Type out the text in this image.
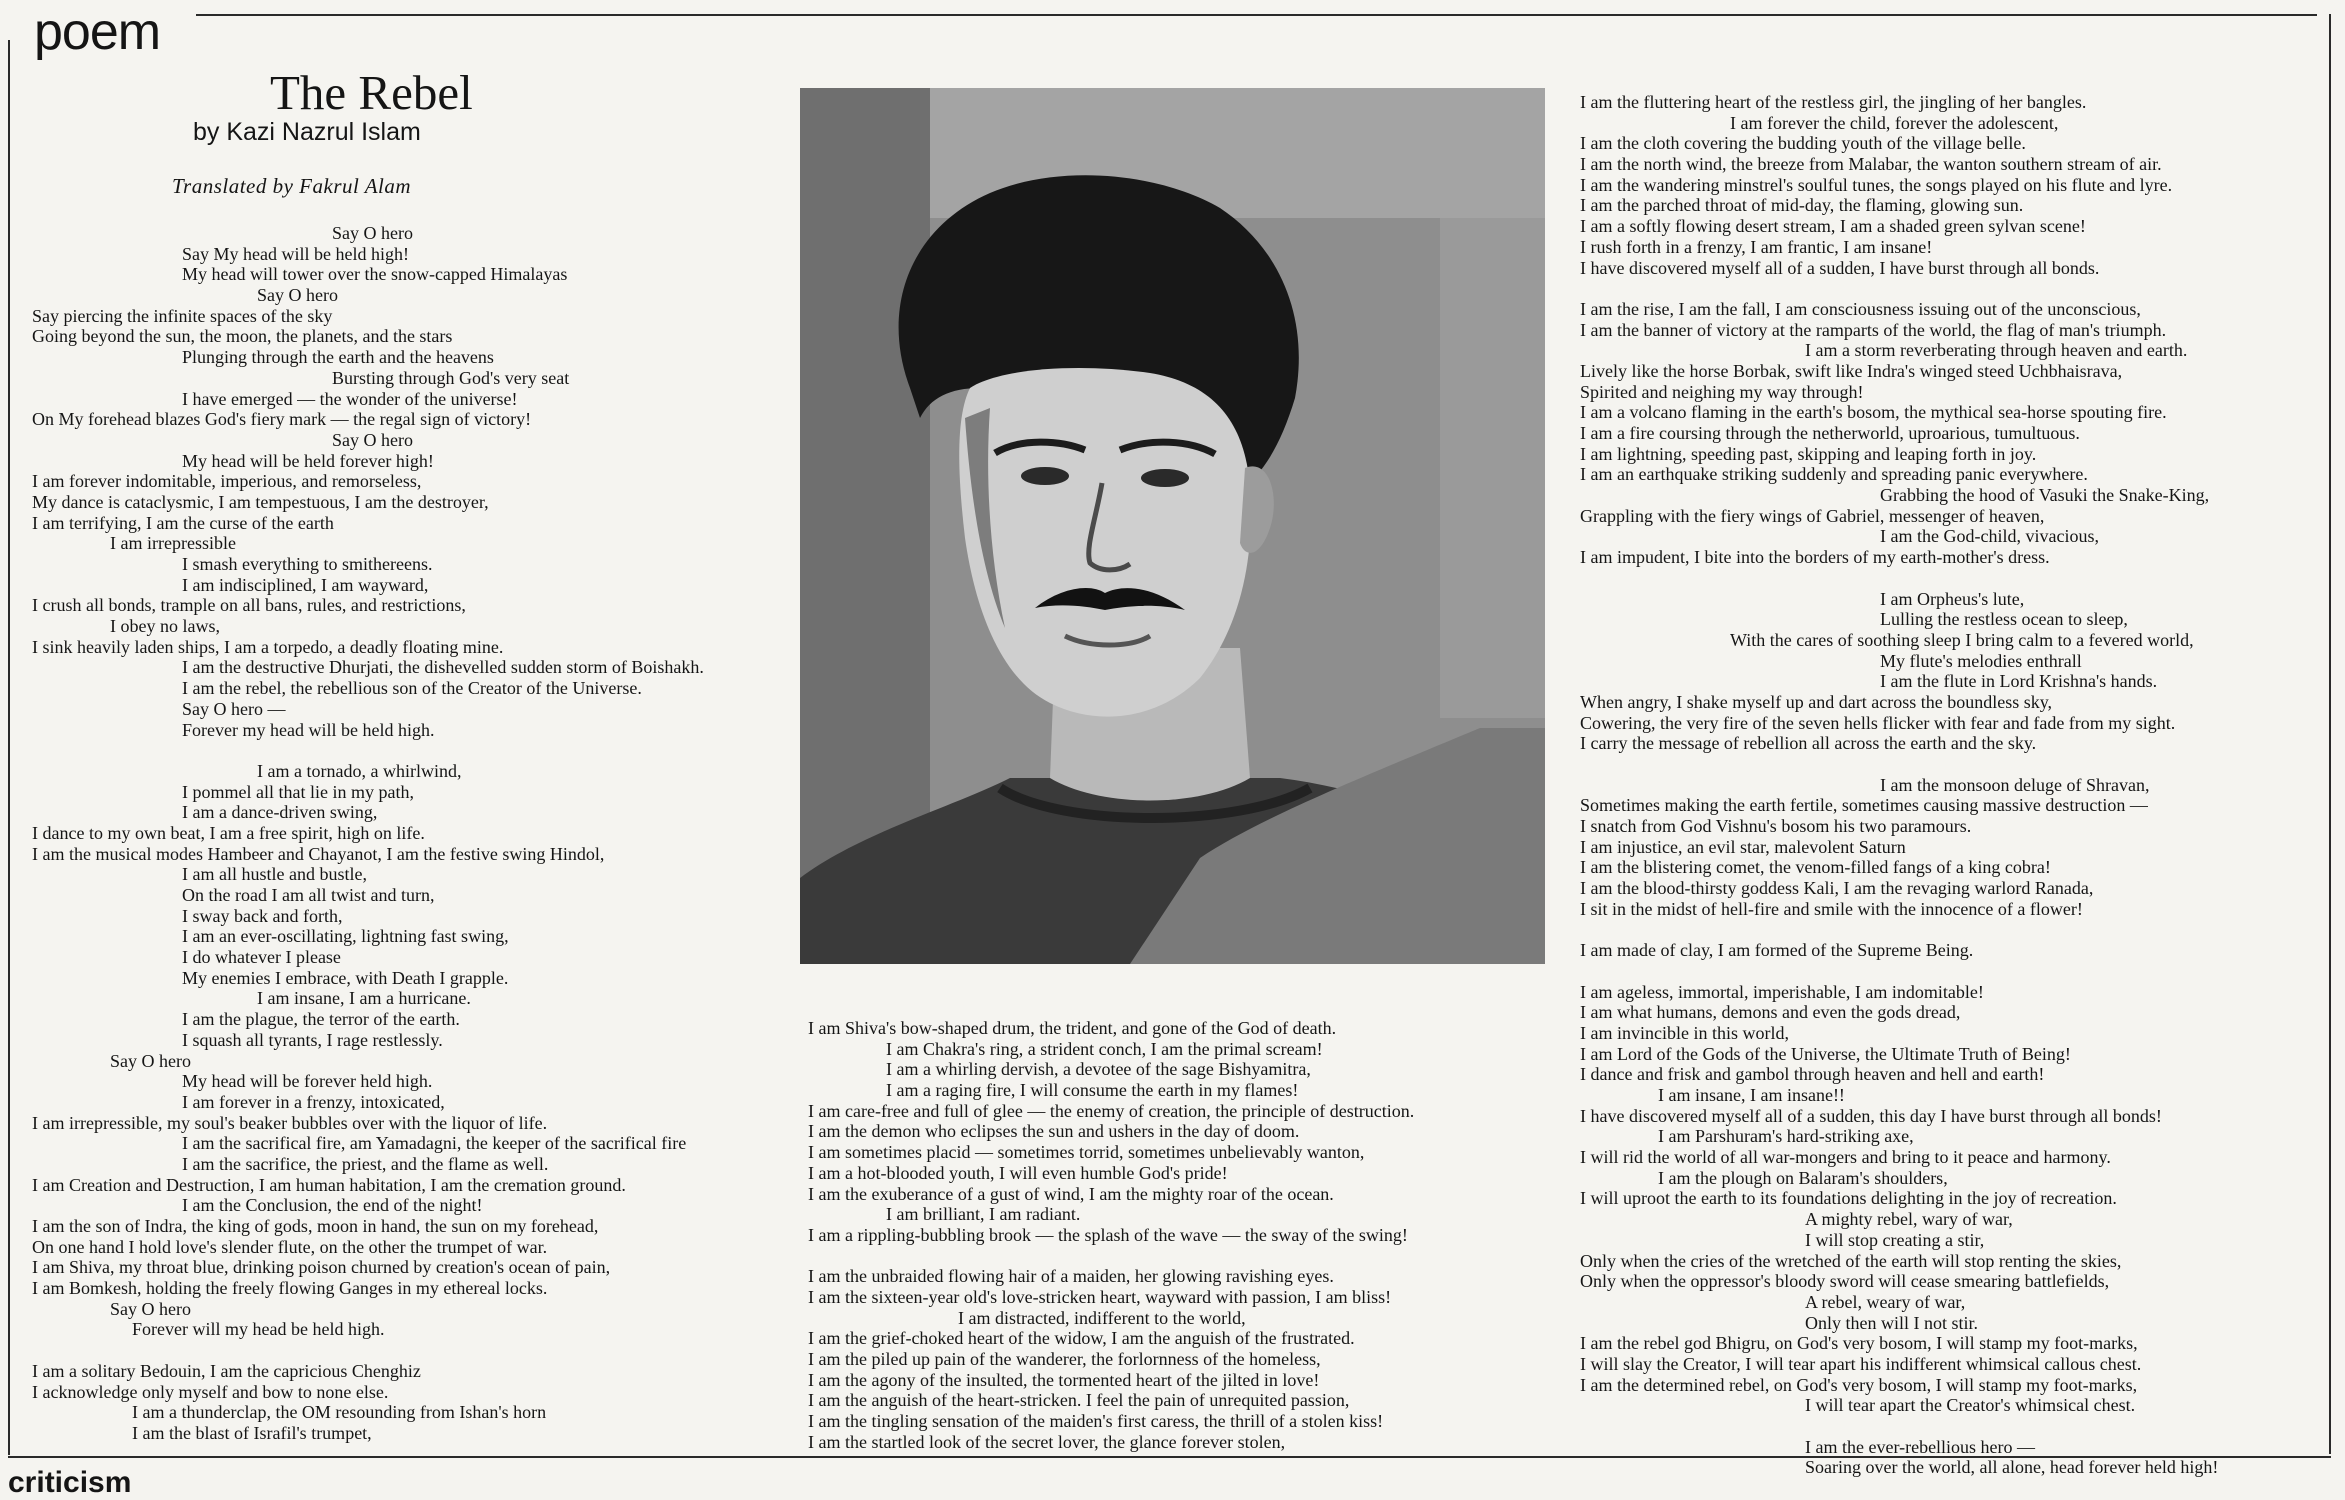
poem
The Rebel
by Kazi Nazrul Islam
Translated by Fakrul Alam
Say O hero
Say My head will be held high!
My head will tower over the snow-capped Himalayas
Say O hero
Say piercing the infinite spaces of the sky
Going beyond the sun, the moon, the planets, and the stars
Plunging through the earth and the heavens
Bursting through God's very seat
I have emerged — the wonder of the universe!
On My forehead blazes God's fiery mark — the regal sign of victory!
Say O hero
My head will be held forever high!
I am forever indomitable, imperious, and remorseless,
My dance is cataclysmic, I am tempestuous, I am the destroyer,
I am terrifying, I am the curse of the earth
I am irrepressible
I smash everything to smithereens.
I am indisciplined, I am wayward,
I crush all bonds, trample on all bans, rules, and restrictions,
I obey no laws,
I sink heavily laden ships, I am a torpedo, a deadly floating mine.
I am the destructive Dhurjati, the dishevelled sudden storm of Boishakh.
I am the rebel, the rebellious son of the Creator of the Universe.
Say O hero —
Forever my head will be held high.
I am a tornado, a whirlwind,
I pommel all that lie in my path,
I am a dance-driven swing,
I dance to my own beat, I am a free spirit, high on life.
I am the musical modes Hambeer and Chayanot, I am the festive swing Hindol,
I am all hustle and bustle,
On the road I am all twist and turn,
I sway back and forth,
I am an ever-oscillating, lightning fast swing,
I do whatever I please
My enemies I embrace, with Death I grapple.
I am insane, I am a hurricane.
I am the plague, the terror of the earth.
I squash all tyrants, I rage restlessly.
Say O hero
My head will be forever held high.
I am forever in a frenzy, intoxicated,
I am irrepressible, my soul's beaker bubbles over with the liquor of life.
I am the sacrifical fire, am Yamadagni, the keeper of the sacrifical fire
I am the sacrifice, the priest, and the flame as well.
I am Creation and Destruction, I am human habitation, I am the cremation ground.
I am the Conclusion, the end of the night!
I am the son of Indra, the king of gods, moon in hand, the sun on my forehead,
On one hand I hold love's slender flute, on the other the trumpet of war.
I am Shiva, my throat blue, drinking poison churned by creation's ocean of pain,
I am Bomkesh, holding the freely flowing Ganges in my ethereal locks.
Say O hero
Forever will my head be held high.
I am a solitary Bedouin, I am the capricious Chenghiz
I acknowledge only myself and bow to none else.
I am a thunderclap, the OM resounding from Ishan's horn
I am the blast of Israfil's trumpet,
I am Shiva's bow-shaped drum, the trident, and gone of the God of death.
I am Chakra's ring, a strident conch, I am the primal scream!
I am a whirling dervish, a devotee of the sage Bishyamitra,
I am a raging fire, I will consume the earth in my flames!
I am care-free and full of glee — the enemy of creation, the principle of destruction.
I am the demon who eclipses the sun and ushers in the day of doom.
I am sometimes placid — sometimes torrid, sometimes unbelievably wanton,
I am a hot-blooded youth, I will even humble God's pride!
I am the exuberance of a gust of wind, I am the mighty roar of the ocean.
I am brilliant, I am radiant.
I am a rippling-bubbling brook — the splash of the wave — the sway of the swing!
I am the unbraided flowing hair of a maiden, her glowing ravishing eyes.
I am the sixteen-year old's love-stricken heart, wayward with passion, I am bliss!
I am distracted, indifferent to the world,
I am the grief-choked heart of the widow, I am the anguish of the frustrated.
I am the piled up pain of the wanderer, the forlornness of the homeless,
I am the agony of the insulted, the tormented heart of the jilted in love!
I am the anguish of the heart-stricken. I feel the pain of unrequited passion,
I am the tingling sensation of the maiden's first caress, the thrill of a stolen kiss!
I am the startled look of the secret lover, the glance forever stolen,
I am the fluttering heart of the restless girl, the jingling of her bangles.
I am forever the child, forever the adolescent,
I am the cloth covering the budding youth of the village belle.
I am the north wind, the breeze from Malabar, the wanton southern stream of air.
I am the wandering minstrel's soulful tunes, the songs played on his flute and lyre.
I am the parched throat of mid-day, the flaming, glowing sun.
I am a softly flowing desert stream, I am a shaded green sylvan scene!
I rush forth in a frenzy, I am frantic, I am insane!
I have discovered myself all of a sudden, I have burst through all bonds.
I am the rise, I am the fall, I am consciousness issuing out of the unconscious,
I am the banner of victory at the ramparts of the world, the flag of man's triumph.
I am a storm reverberating through heaven and earth.
Lively like the horse Borbak, swift like Indra's winged steed Uchbhaisrava,
Spirited and neighing my way through!
I am a volcano flaming in the earth's bosom, the mythical sea-horse spouting fire.
I am a fire coursing through the netherworld, uproarious, tumultuous.
I am lightning, speeding past, skipping and leaping forth in joy.
I am an earthquake striking suddenly and spreading panic everywhere.
Grabbing the hood of Vasuki the Snake-King,
Grappling with the fiery wings of Gabriel, messenger of heaven,
I am the God-child, vivacious,
I am impudent, I bite into the borders of my earth-mother's dress.
I am Orpheus's lute,
Lulling the restless ocean to sleep,
With the cares of soothing sleep I bring calm to a fevered world,
My flute's melodies enthrall
I am the flute in Lord Krishna's hands.
When angry, I shake myself up and dart across the boundless sky,
Cowering, the very fire of the seven hells flicker with fear and fade from my sight.
I carry the message of rebellion all across the earth and the sky.
I am the monsoon deluge of Shravan,
Sometimes making the earth fertile, sometimes causing massive destruction —
I snatch from God Vishnu's bosom his two paramours.
I am injustice, an evil star, malevolent Saturn
I am the blistering comet, the venom-filled fangs of a king cobra!
I am the blood-thirsty goddess Kali, I am the revaging warlord Ranada,
I sit in the midst of hell-fire and smile with the innocence of a flower!
I am made of clay, I am formed of the Supreme Being.
I am ageless, immortal, imperishable, I am indomitable!
I am what humans, demons and even the gods dread,
I am invincible in this world,
I am Lord of the Gods of the Universe, the Ultimate Truth of Being!
I dance and frisk and gambol through heaven and hell and earth!
I am insane, I am insane!!
I have discovered myself all of a sudden, this day I have burst through all bonds!
I am Parshuram's hard-striking axe,
I will rid the world of all war-mongers and bring to it peace and harmony.
I am the plough on Balaram's shoulders,
I will uproot the earth to its foundations delighting in the joy of recreation.
A mighty rebel, wary of war,
I will stop creating a stir,
Only when the cries of the wretched of the earth will stop renting the skies,
Only when the oppressor's bloody sword will cease smearing battlefields,
A rebel, weary of war,
Only then will I not stir.
I am the rebel god Bhigru, on God's very bosom, I will stamp my foot-marks,
I will slay the Creator, I will tear apart his indifferent whimsical callous chest.
I am the determined rebel, on God's very bosom, I will stamp my foot-marks,
I will tear apart the Creator's whimsical chest.
I am the ever-rebellious hero —
Soaring over the world, all alone, head forever held high!
criticism
